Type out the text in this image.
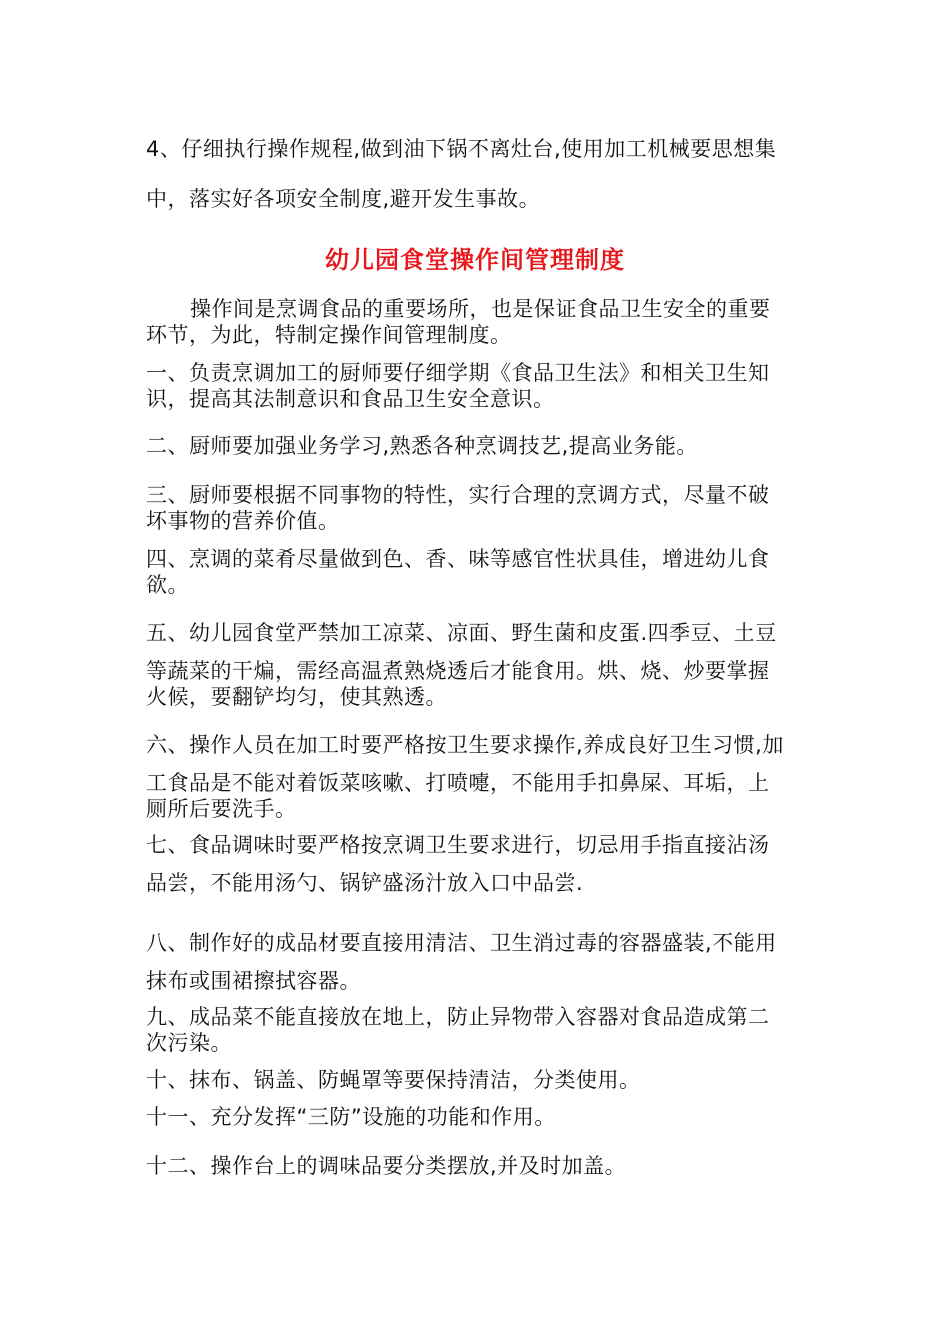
4、仔细执行操作规程,做到油下锅不离灶台,使用加工机械要思想集
中，落实好各项安全制度,避开发生事故。
幼儿园食堂操作间管理制度
操作间是烹调食品的重要场所，也是保证食品卫生安全的重要
环节，为此，特制定操作间管理制度。
一、负责烹调加工的厨师要仔细学期《食品卫生法》和相关卫生知
识，提高其法制意识和食品卫生安全意识。
二、厨师要加强业务学习,熟悉各种烹调技艺,提高业务能。
三、厨师要根据不同事物的特性，实行合理的烹调方式，尽量不破
坏事物的营养价值。
四、烹调的菜肴尽量做到色、香、味等感官性状具佳，增进幼儿食
欲。
五、幼儿园食堂严禁加工凉菜、凉面、野生菌和皮蛋.四季豆、土豆
等蔬菜的干煸，需经高温煮熟烧透后才能食用。烘、烧、炒要掌握
火候，要翻铲均匀，使其熟透。
六、操作人员在加工时要严格按卫生要求操作,养成良好卫生习惯,加
工食品是不能对着饭菜咳嗽、打喷嚏，不能用手扣鼻屎、耳垢，上
厕所后要洗手。
七、食品调味时要严格按烹调卫生要求进行，切忌用手指直接沾汤
品尝，不能用汤勺、锅铲盛汤汁放入口中品尝.
八、制作好的成品材要直接用清洁、卫生消过毒的容器盛装,不能用
抹布或围裙擦拭容器。
九、成品菜不能直接放在地上，防止异物带入容器对食品造成第二
次污染。
十、抹布、锅盖、防蝇罩等要保持清洁，分类使用。
十一、充分发挥“三防”设施的功能和作用。
十二、操作台上的调味品要分类摆放,并及时加盖。
